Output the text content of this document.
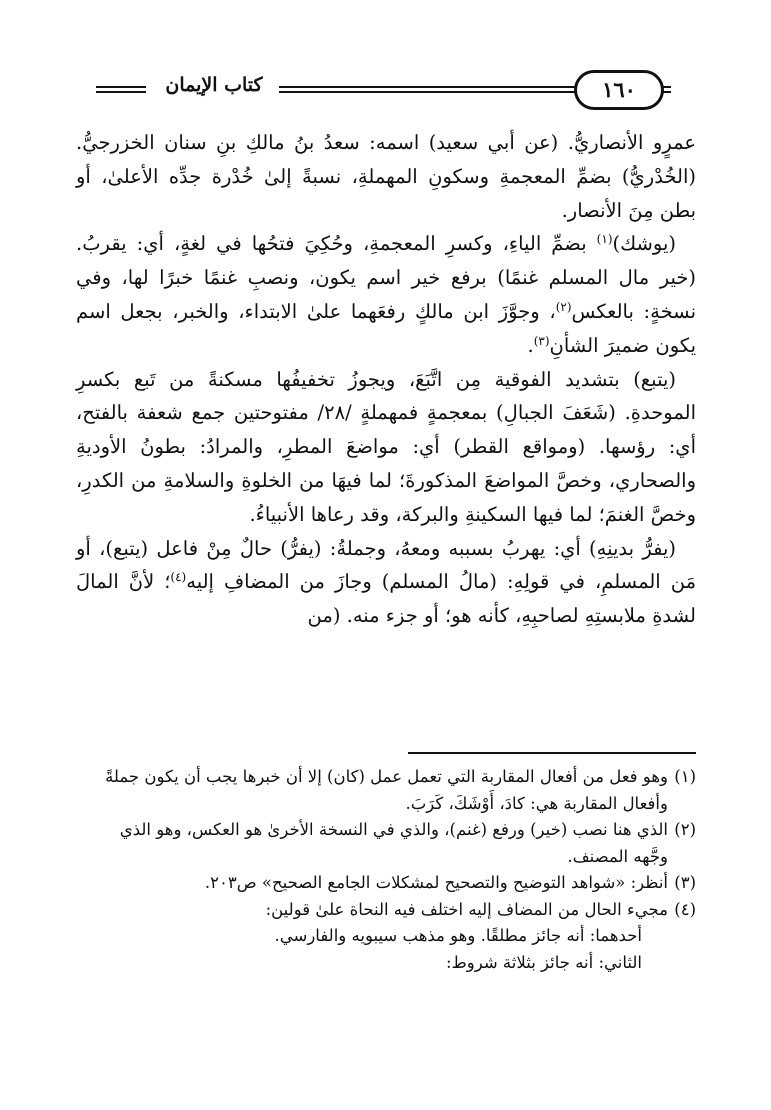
كتاب الإيمان	١٦٠

عمرٍو الأنصاريُّ. (عن أبي سعيد) اسمه: سعدُ بنُ مالكِ بنِ سنان الخزرجيُّ. (الخُدْريُّ) بضمِّ المعجمةِ وسكونِ المهملةِ، نسبةً إلىٰ خُدْرة جدِّه الأعلىٰ، أو بطن مِنَ الأنصار.

(يوشك)$^{(١)}$ بضمِّ الياءِ، وكسرِ المعجمةِ، وحُكِيَ فتحُها في لغةٍ، أي: يقربُ. (خير مال المسلم غنمًا) برفع خير اسم يكون، ونصبِ غنمًا خبرًا لها، وفي نسخةٍ: بالعكس$^{(٢)}$، وجوَّزَ ابن مالكٍ رفعَهما علىٰ الابتداء، والخبر، بجعل اسم يكون ضميرَ الشأنِ$^{(٣)}$.

(يتبع) بتشديد الفوقية مِن اتَّبَعَ، ويجوزُ تخفيفُها مسكنةً من تَبع بكسرِ الموحدةِ. (شَعَفَ الجبالِ) بمعجمةٍ فمهملةٍ /٢٨/ مفتوحتين جمع شعفة بالفتح، أي: رؤسها. (ومواقع القطر) أي: مواضعَ المطرِ، والمرادُ: بطونُ الأوديةِ والصحاري، وخصَّ المواضعَ المذكورةَ؛ لما فيهَا من الخلوةِ والسلامةِ من الكدرِ، وخصَّ الغنمَ؛ لما فيها السكينةِ والبركة، وقد رعاها الأنبياءُ.

(يفرُّ بدينِهِ) أي: يهربُ بسببه ومعهُ، وجملةُ: (يفرُّ) حالٌ مِنْ فاعل (يتبع)، أو مَن المسلمِ، في قولِهِ: (مالُ المسلم) وجازَ من المضافِ إليه$^{(٤)}$؛ لأنَّ المالَ لشدةِ ملابستِهِ لصاحبِهِ، كأنه هو؛ أو جزء منه. (من

(١)
وهو فعل من أفعال المقاربة التي تعمل عمل (كان) إلا أن خبرها يجب أن يكون جملةً وأفعال المقاربة هي: كادَ، أَوْشَكَ، كَرَبَ.

(٢)
الذي هنا نصب (خير) ورفع (غنم)، والذي في النسخة الأخرىٰ هو العكس، وهو الذي وجَّهه المصنف.

(٣)
أنظر: «شواهد التوضيح والتصحيح لمشكلات الجامع الصحيح» ص٢٠٣.

(٤)
مجيء الحال من المضاف إليه اختلف فيه النحاة علىٰ قولين:

أحدهما: أنه جائز مطلقًا. وهو مذهب سيبويه والفارسي.

الثاني: أنه جائز بثلاثة شروط:
